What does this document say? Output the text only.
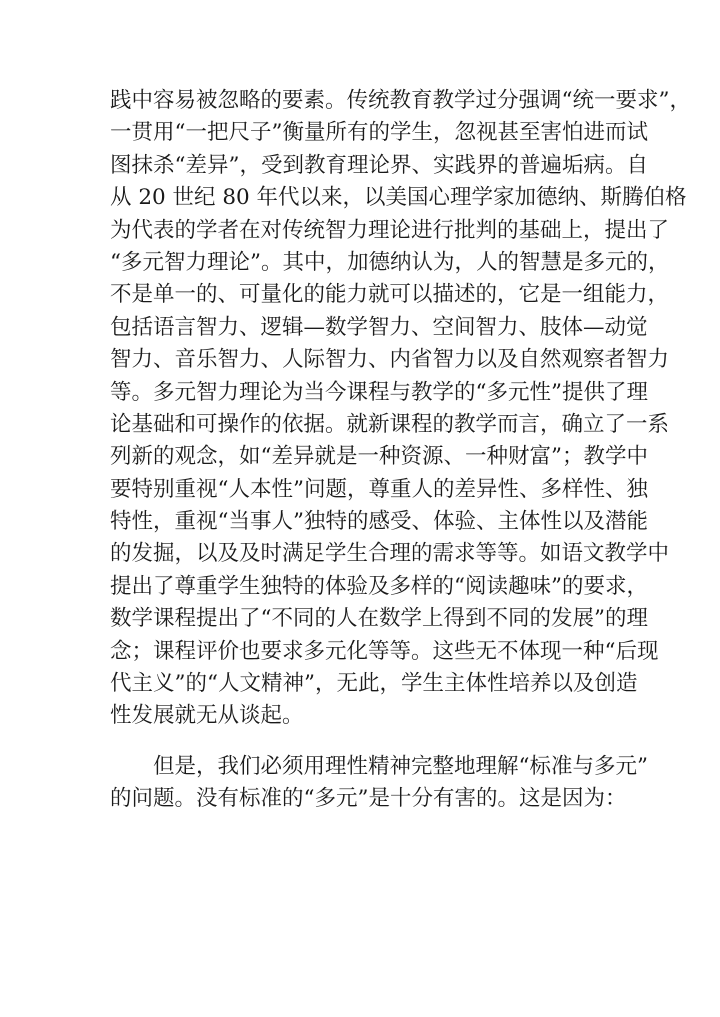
践中容易被忽略的要素。传统教育教学过分强调“统一要求”，
一贯用“一把尺子”衡量所有的学生，忽视甚至害怕进而试
图抹杀“差异”，受到教育理论界、实践界的普遍垢病。自
从 20 世纪 80 年代以来，以美国心理学家加德纳、斯腾伯格
为代表的学者在对传统智力理论进行批判的基础上，提出了
“多元智力理论”。其中，加德纳认为，人的智慧是多元的，
不是单一的、可量化的能力就可以描述的，它是一组能力，
包括语言智力、逻辑—数学智力、空间智力、肢体—动觉
智力、音乐智力、人际智力、内省智力以及自然观察者智力
等。多元智力理论为当今课程与教学的“多元性”提供了理
论基础和可操作的依据。就新课程的教学而言，确立了一系
列新的观念，如“差异就是一种资源、一种财富”；教学中
要特别重视“人本性”问题，尊重人的差异性、多样性、独
特性，重视“当事人”独特的感受、体验、主体性以及潜能
的发掘，以及及时满足学生合理的需求等等。如语文教学中
提出了尊重学生独特的体验及多样的“阅读趣味”的要求，
数学课程提出了“不同的人在数学上得到不同的发展”的理
念；课程评价也要求多元化等等。这些无不体现一种“后现
代主义”的“人文精神”，无此，学生主体性培养以及创造
性发展就无从谈起。
但是，我们必须用理性精神完整地理解“标准与多元”
的问题。没有标准的“多元”是十分有害的。这是因为：
